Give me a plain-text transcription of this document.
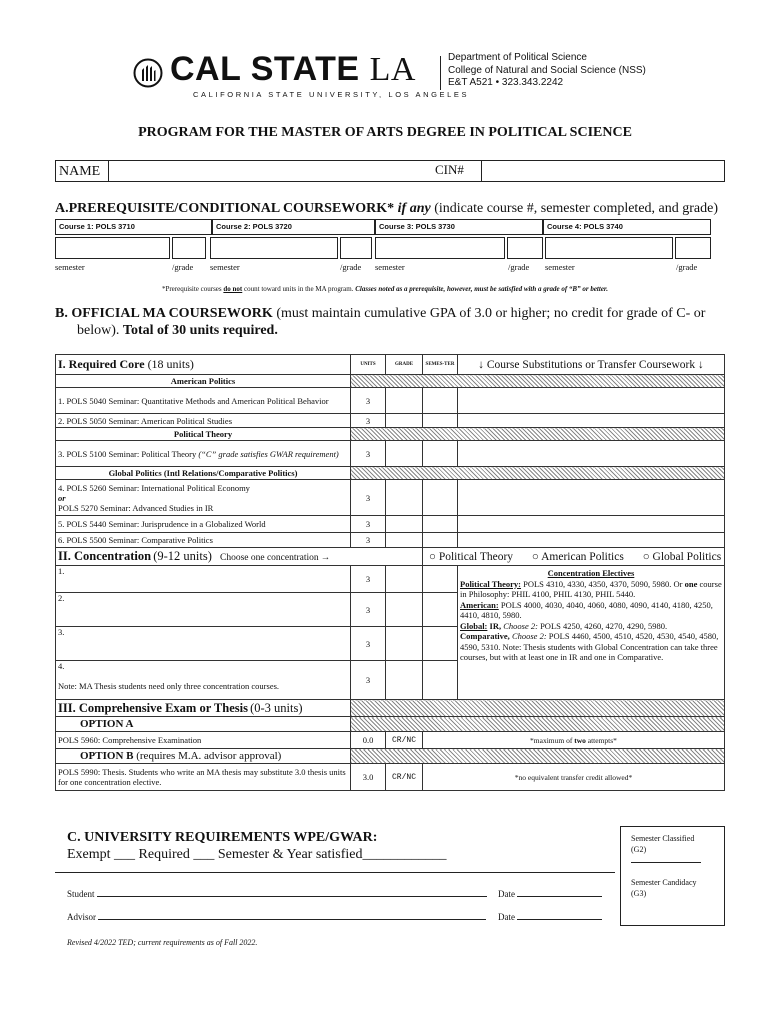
CAL STATE LA
CALIFORNIA STATE UNIVERSITY, LOS ANGELES
Department of Political Science
College of Natural and Social Science (NSS)
E&T A521 • 323.343.2242
PROGRAM FOR THE MASTER OF ARTS DEGREE IN POLITICAL SCIENCE
NAME	CIN#
A.PREREQUISITE/CONDITIONAL COURSEWORK* if any (indicate course #, semester completed, and grade)
Course 1: POLS 3710	Course 2: POLS 3720	Course 3: POLS 3730	Course 4: POLS 3740
semester	/grade semester	/grade semester	/grade semester	/grade
*Prerequisite courses do not count toward units in the MA program. Classes noted as a prerequisite, however, must be satisfied with a grade of “B” or better.
B. OFFICIAL MA COURSEWORK (must maintain cumulative GPA of 3.0 or higher; no credit for grade of C- or
below). Total of 30 units required.
I. Required Core (18 units)	UNITS	GRADE	SEMES-TER	↓ Course Substitutions or Transfer Coursework ↓
American Politics				
1. POLS 5040 Seminar: Quantitative Methods and American Political Behavior	3			
2. POLS 5050 Seminar: American Political Studies	3			
Political Theory				
3. POLS 5100 Seminar: Political Theory (“C” grade satisfies GWAR requirement)	3			
Global Politics (Intl Relations/Comparative Politics)				

4. POLS 5260 Seminar: International Political Economy
or
POLS 5270 Seminar: Advanced Studies in IR	3			
5. POLS 5440 Seminar: Jurisprudence in a Globalized World	3			
6. POLS 5500 Seminar: Comparative Politics	3			
II. Concentration (9-12 units) Choose one concentration →			○ Political Theory ○ American Politics ○ Global Politics	
1.	3			Concentration Electives
Political Theory: POLS 4310, 4330, 4350, 4370, 5090, 5980. Or one course in Philosophy: PHIL 4100, PHIL 4130, PHIL 5440.
American: POLS 4000, 4030, 4040, 4060, 4080, 4090, 4140, 4180, 4250, 4410, 4810, 5980.
Global: IR, Choose 2: POLS 4250, 4260, 4270, 4290, 5980.
Comparative, Choose 2: POLS 4460, 4500, 4510, 4520, 4530, 4540, 4580, 4590, 5310. Note: Thesis students with Global Concentration can take three courses, but with at least one in IR and one in Comparative.

2.	3			
3.	3			

4.
Note: MA Thesis students need only three concentration courses.	3			
III. Comprehensive Exam or Thesis (0-3 units)				
OPTION A				
POLS 5960: Comprehensive Examination	0.0	CR/NC	*maximum of two attempts*	
OPTION B (requires M.A. advisor approval)				
POLS 5990: Thesis. Students who write an MA thesis may substitute 3.0 thesis units for one concentration elective.	3.0	CR/NC	*no equivalent transfer credit allowed*	
C. UNIVERSITY REQUIREMENTS WPE/GWAR:
Exempt ___ Required ___ Semester & Year satisfied____________
Semester Classified (G2)
Semester Candidacy (G3)
Student	Date
Advisor	Date
Revised 4/2022 TED; current requirements as of Fall 2022.
